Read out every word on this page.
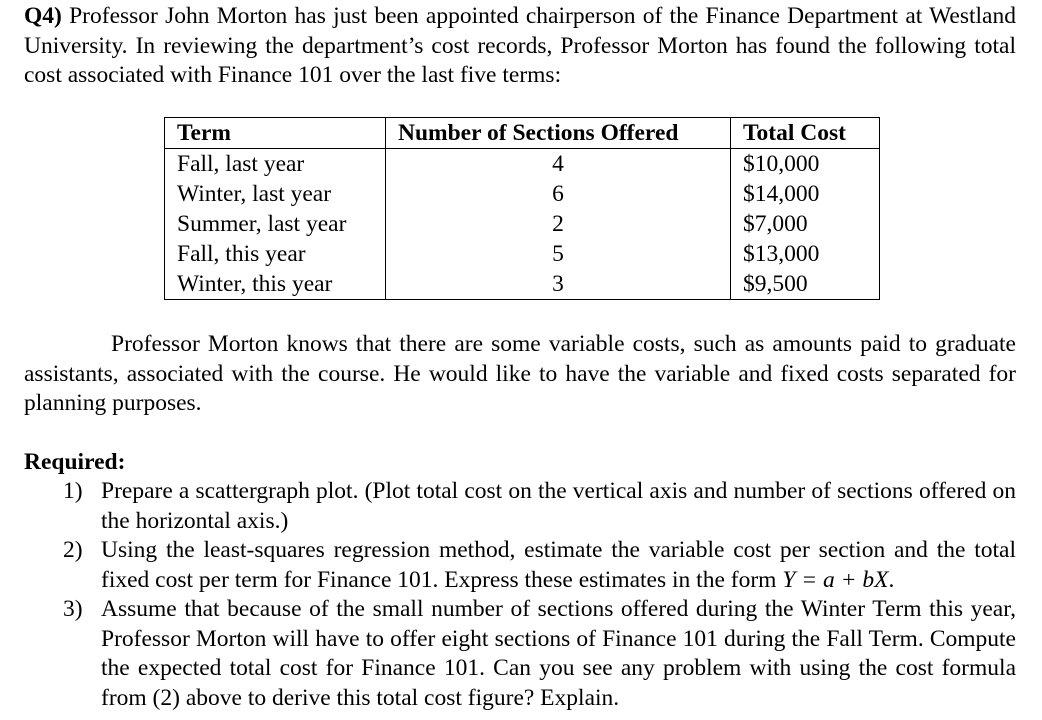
Q4) Professor John Morton has just been appointed chairperson of the Finance Department at Westland University. In reviewing the department’s cost records, Professor Morton has found the following total cost associated with Finance 101 over the last five terms:

Term	Number of Sections Offered	Total Cost
Fall, last year	4	$10,000
Winter, last year	6	$14,000
Summer, last year	2	$7,000
Fall, this year	5	$13,000
Winter, this year	3	$9,500

Professor Morton knows that there are some variable costs, such as amounts paid to graduate assistants, associated with the course. He would like to have the variable and fixed costs separated for planning purposes.

Required:

1) Prepare a scattergraph plot. (Plot total cost on the vertical axis and number of sections offered on the horizontal axis.)
2) Using the least-squares regression method, estimate the variable cost per section and the total fixed cost per term for Finance 101. Express these estimates in the form Y = a + bX.
3) Assume that because of the small number of sections offered during the Winter Term this year, Professor Morton will have to offer eight sections of Finance 101 during the Fall Term. Compute the expected total cost for Finance 101. Can you see any problem with using the cost formula from (2) above to derive this total cost figure? Explain.
